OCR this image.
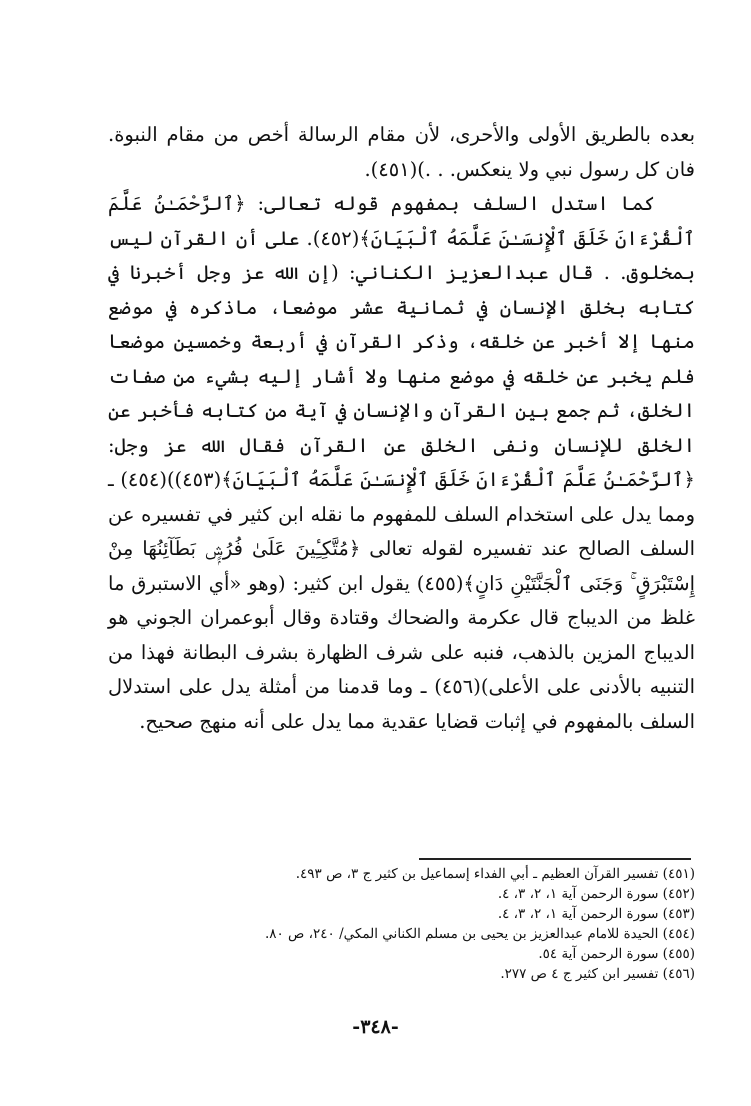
بعده بالطريق الأولى والأحرى، لأن مقام الرسالة أخص من مقام النبوة. فان كل رسول نبي ولا ينعكس. . .)(٤٥١).

كما استدل السلف بمفهوم قوله تعالى: ﴿ٱلرَّحْمَـٰنُ عَلَّمَ ٱلْقُرْءَانَ خَلَقَ ٱلْإِنسَـٰنَ عَلَّمَهُ ٱلْبَيَانَ﴾(٤٥٢). على أن القرآن ليس بمخلوق. . قال عبدالعزيز الكناني: (إن الله عز وجل أخبرنا في كتابه بخلق الإنسان في ثمانية عشر موضعا، ماذكره في موضع منها إلا أخبر عن خلقه، وذكر القرآن في أربعة وخمسين موضعا فلم يخبر عن خلقه في موضع منها ولا أشار إليه بشيء من صفات الخلق، ثم جمع بين القرآن والإنسان في آية من كتابه فأخبر عن الخلق للإنسان ونفى الخلق عن القرآن فقال الله عز وجل: ﴿ٱلرَّحْمَـٰنُ عَلَّمَ ٱلْقُرْءَانَ خَلَقَ ٱلْإِنسَـٰنَ عَلَّمَهُ ٱلْبَيَانَ﴾(٤٥٣))(٤٥٤) ـ ومما يدل على استخدام السلف للمفهوم ما نقله ابن كثير في تفسيره عن السلف الصالح عند تفسيره لقوله تعالى ﴿مُتَّكِـِٔينَ عَلَىٰ فُرُشٍۭ بَطَآئِنُهَا مِنْ إِسْتَبْرَقٍ ۚ وَجَنَى ٱلْجَنَّتَيْنِ دَانٍ﴾(٤٥٥) يقول ابن كثير: (وهو «أي الاستبرق ما غلظ من الديباج قال عكرمة والضحاك وقتادة وقال أبوعمران الجوني هو الديباج المزين بالذهب، فنبه على شرف الظهارة بشرف البطانة فهذا من التنبيه بالأدنى على الأعلى)(٤٥٦) ـ وما قدمنا من أمثلة يدل على استدلال السلف بالمفهوم في إثبات قضايا عقدية مما يدل على أنه منهج صحيح.

(٤٥١) تفسير القرآن العظيم ـ أبي الفداء إسماعيل بن كثير ج ٣، ص ٤٩٣.
(٤٥٢) سورة الرحمن آية ١، ٢، ٣، ٤.
(٤٥٣) سورة الرحمن آية ١، ٢، ٣، ٤.
(٤٥٤) الحيدة للامام عبدالعزيز بن يحيى بن مسلم الكناني المكي/ ٢٤٠، ص ٨٠.
(٤٥٥) سورة الرحمن آية ٥٤.
(٤٥٦) تفسير ابن كثير ج ٤ ص ٢٧٧.
-٣٤٨-
